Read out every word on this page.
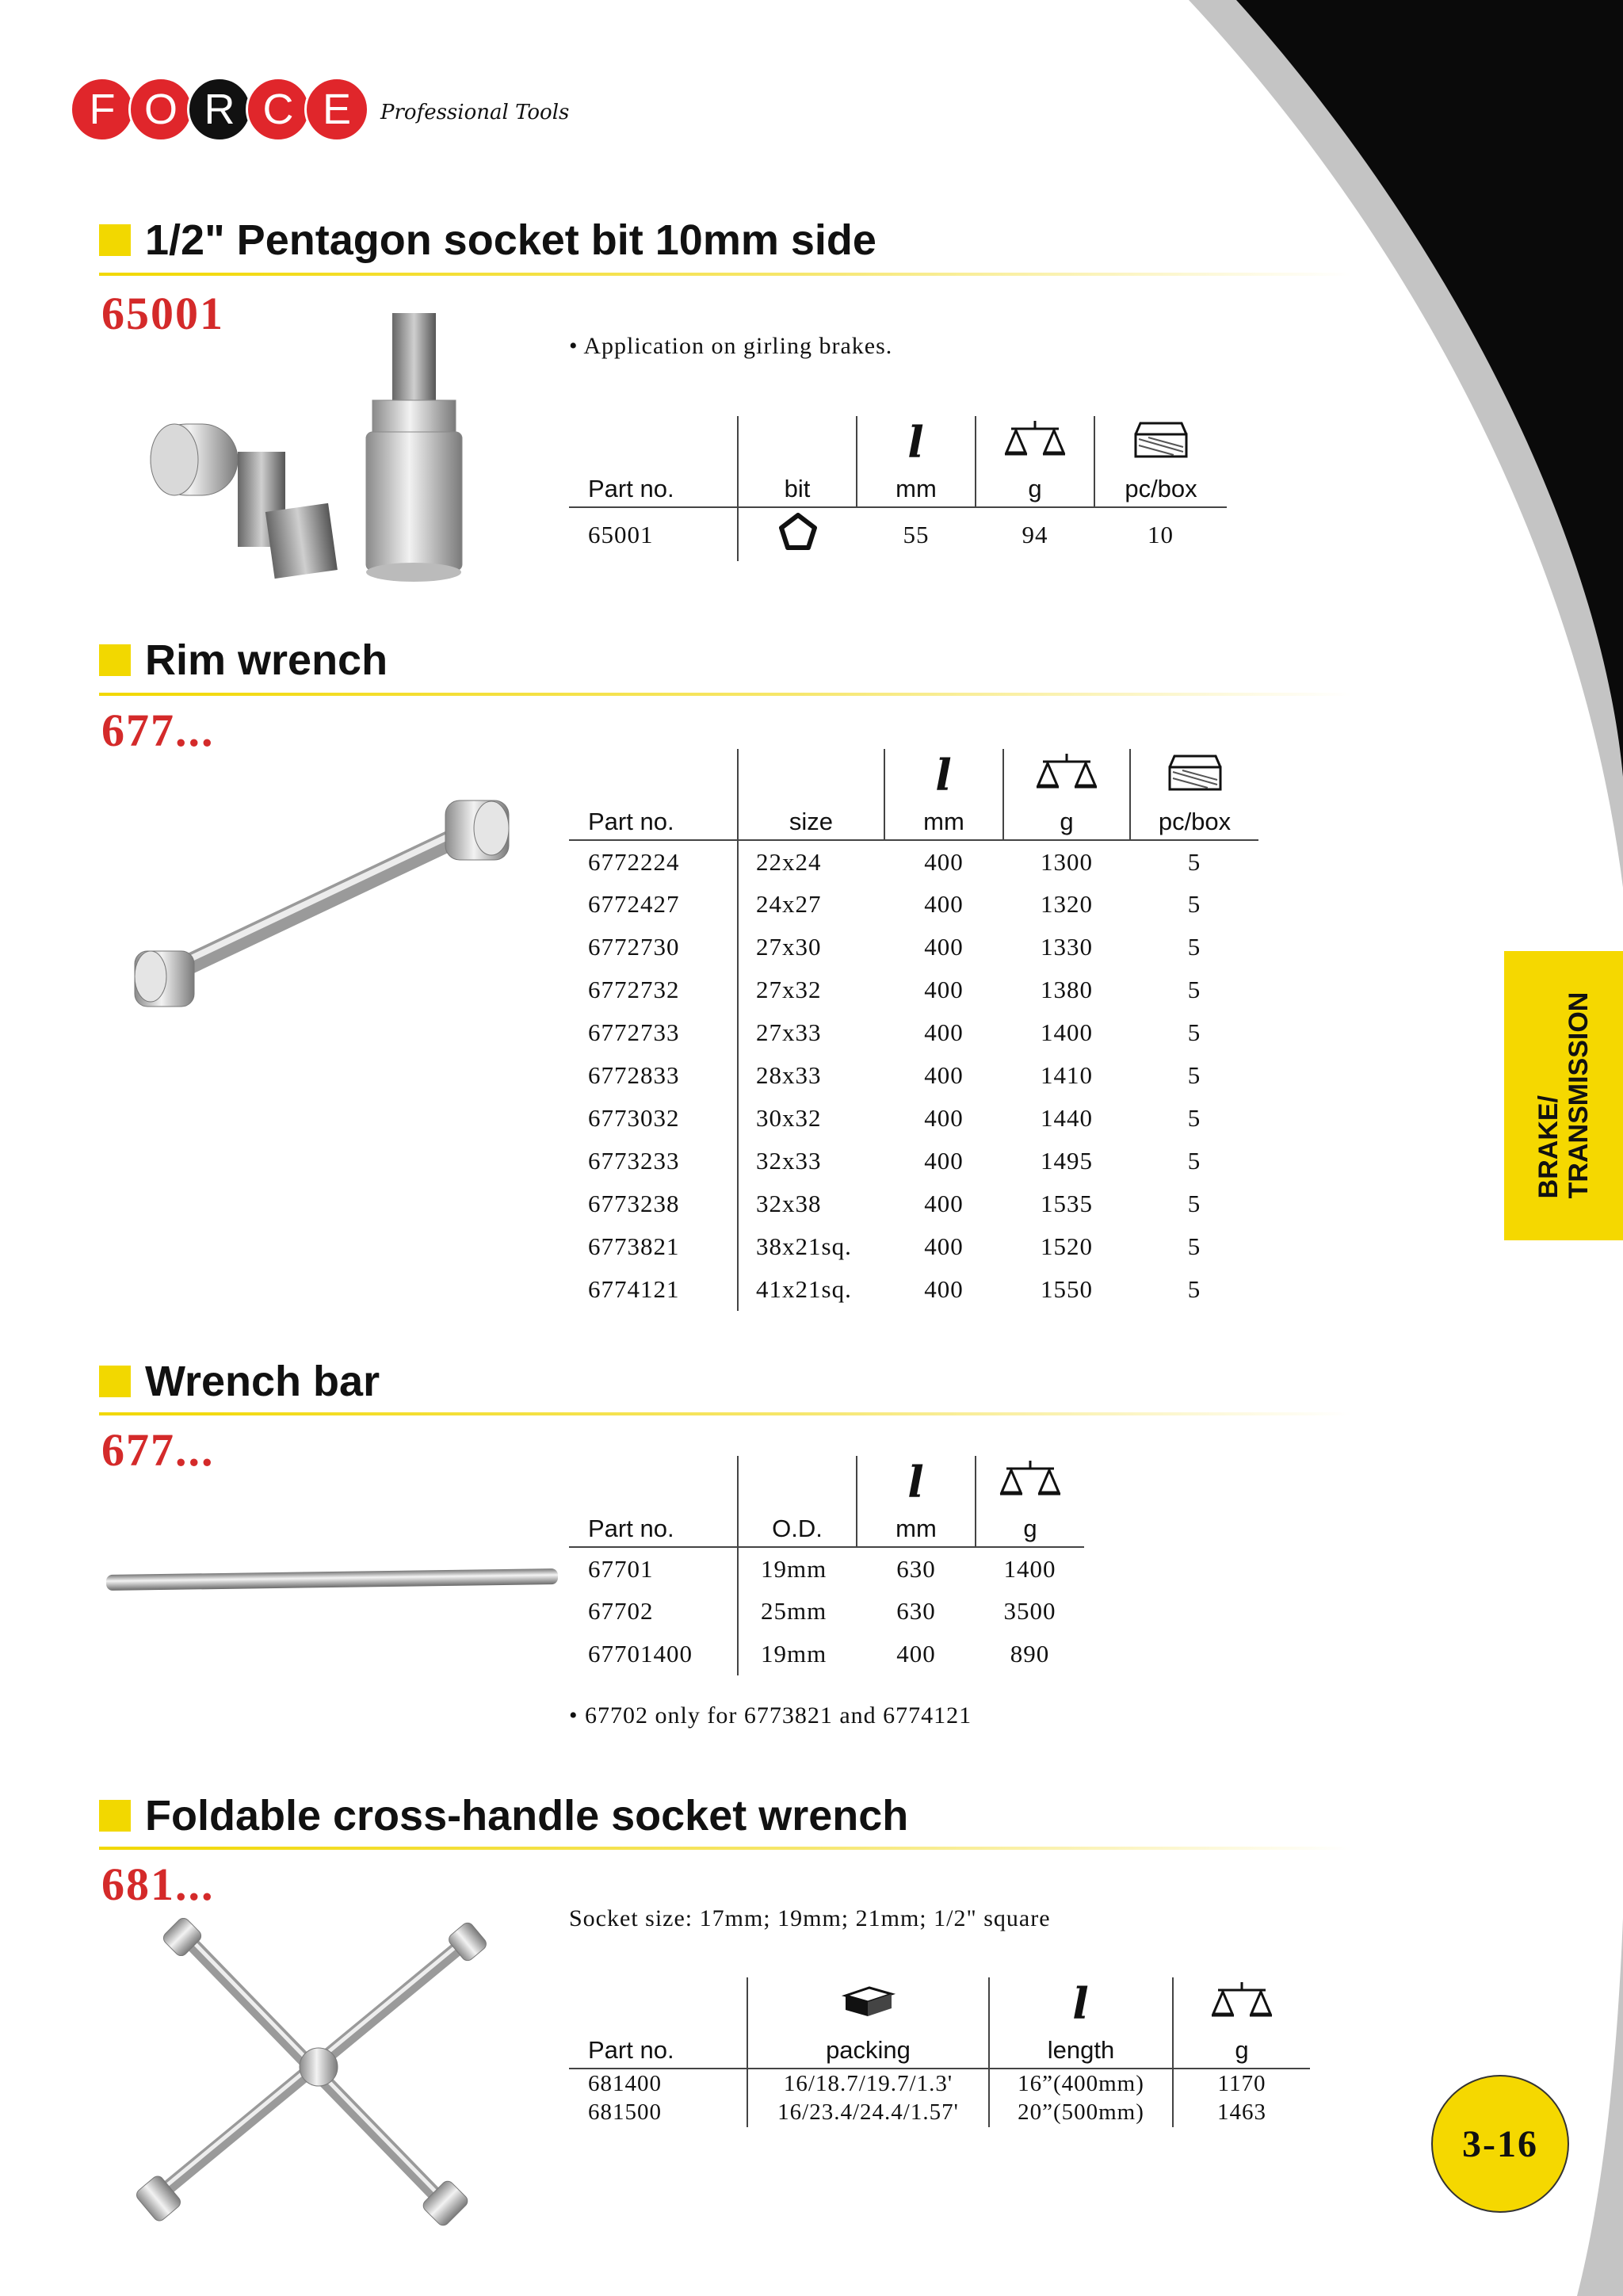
F O R C E	Professional Tools
1/2" Pentagon socket bit 10mm side
65001
• Application on girling brakes.
		l		
Part no.	bit	mm	g	pc/box
65001		55	94	10
Rim wrench
677...
		l		
Part no.	size	mm	g	pc/box
6772224	22x24	400	1300	5
6772427	24x27	400	1320	5
6772730	27x30	400	1330	5
6772732	27x32	400	1380	5
6772733	27x33	400	1400	5
6772833	28x33	400	1410	5
6773032	30x32	400	1440	5
6773233	32x33	400	1495	5
6773238	32x38	400	1535	5
6773821	38x21sq.	400	1520	5
6774121	41x21sq.	400	1550	5
Wrench bar
677...
		l	
Part no.	O.D.	mm	g
67701	19mm	630	1400
67702	25mm	630	3500
67701400	19mm	400	890
• 67702 only for 6773821 and 6774121
Foldable cross-handle socket wrench
681...
Socket size: 17mm; 19mm; 21mm; 1/2" square
		l	
Part no.	packing	length	g
681400	16/18.7/19.7/1.3'	16”(400mm)	1170
681500	16/23.4/24.4/1.57'	20”(500mm)	1463
BRAKE/ TRANSMISSION
3-16
